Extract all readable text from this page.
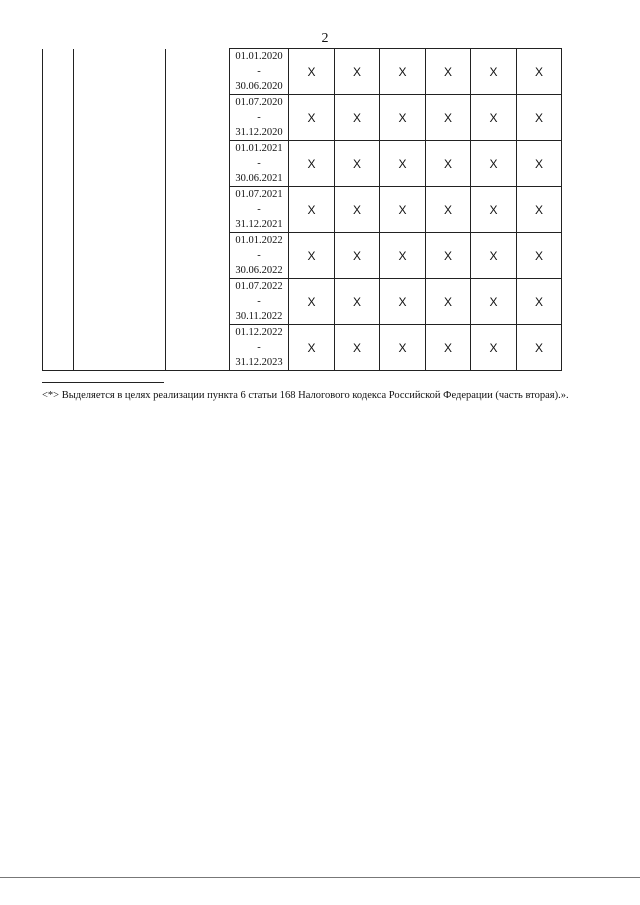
2

			01.01.2020
-
30.06.2020	X	X	X	X	X	X

			01.07.2020
-
31.12.2020	X	X	X	X	X	X

			01.01.2021
-
30.06.2021	X	X	X	X	X	X

			01.07.2021
-
31.12.2021	X	X	X	X	X	X

			01.01.2022
-
30.06.2022	X	X	X	X	X	X

			01.07.2022
-
30.11.2022	X	X	X	X	X	X

			01.12.2022
-
31.12.2023	X	X	X	X	X	X
<*> Выделяется в целях реализации пункта 6 статьи 168 Налогового кодекса Российской Федерации (часть вторая).».
